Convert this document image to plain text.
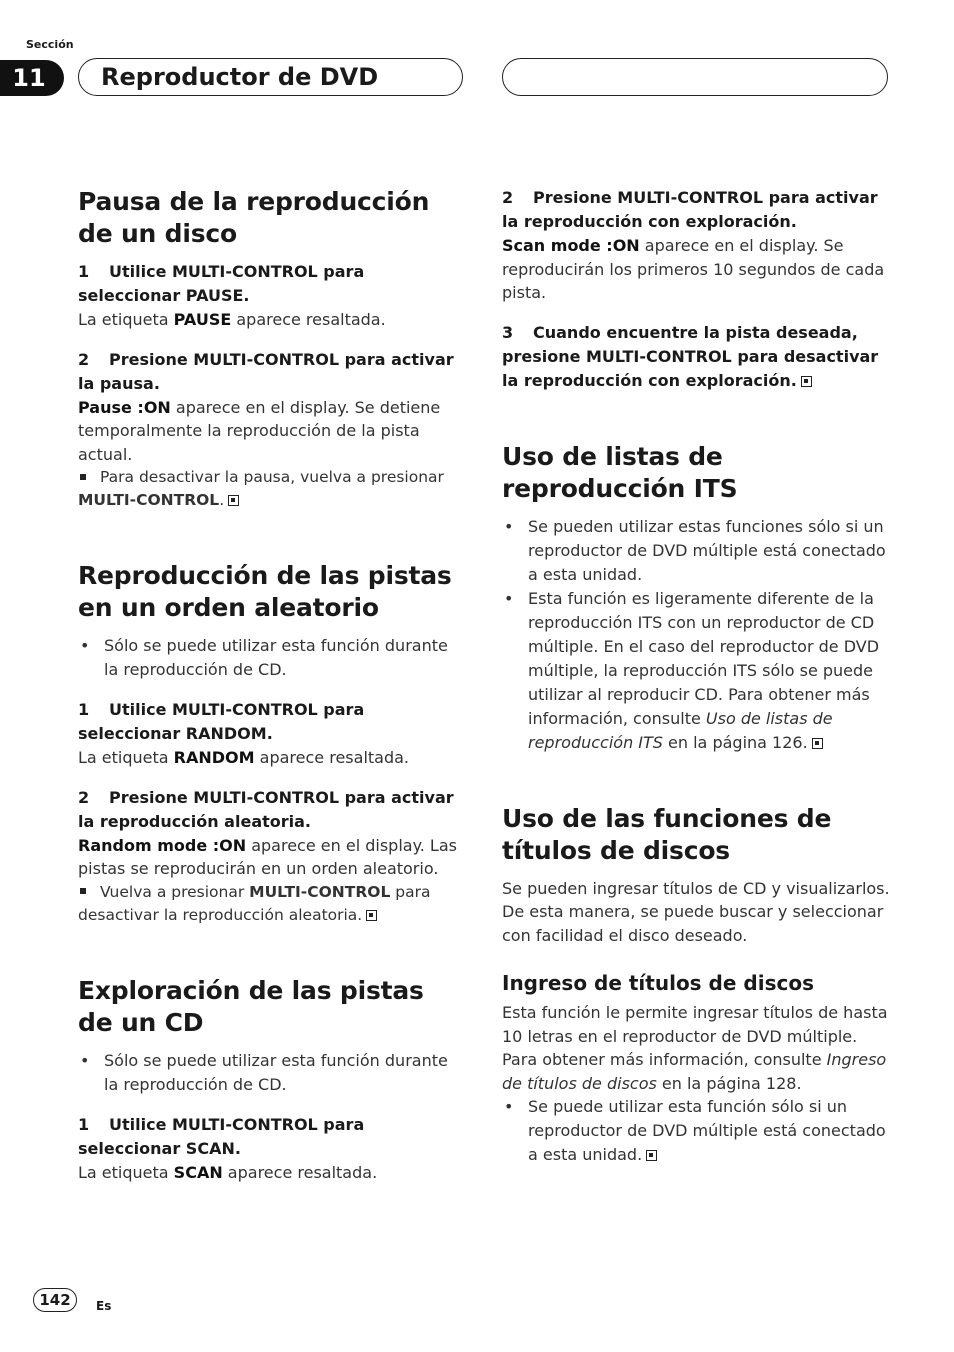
Sección
11	Reproductor de DVD
Pausa de la reproducción de un disco
1 Utilice MULTI-CONTROL para seleccionar PAUSE.

La etiqueta PAUSE aparece resaltada.

2 Presione MULTI-CONTROL para activar la pausa.

Pause :ON aparece en el display. Se detiene temporalmente la reproducción de la pista actual.

Para desactivar la pausa, vuelva a presionar MULTI-CONTROL.
Reproducción de las pistas en un orden aleatorio
• Sólo se puede utilizar esta función durante la reproducción de CD.
1 Utilice MULTI-CONTROL para seleccionar RANDOM.

La etiqueta RANDOM aparece resaltada.

2 Presione MULTI-CONTROL para activar la reproducción aleatoria.

Random mode :ON aparece en el display. Las pistas se reproducirán en un orden aleatorio.

Vuelva a presionar MULTI-CONTROL para desactivar la reproducción aleatoria.
Exploración de las pistas de un CD
• Sólo se puede utilizar esta función durante la reproducción de CD.
1 Utilice MULTI-CONTROL para seleccionar SCAN.

La etiqueta SCAN aparece resaltada.

2 Presione MULTI-CONTROL para activar la reproducción con exploración.

Scan mode :ON aparece en el display. Se reproducirán los primeros 10 segundos de cada pista.

3 Cuando encuentre la pista deseada, presione MULTI-CONTROL para desactivar la reproducción con exploración.
Uso de listas de reproducción ITS
• Se pueden utilizar estas funciones sólo si un reproductor de DVD múltiple está conectado a esta unidad.
• Esta función es ligeramente diferente de la reproducción ITS con un reproductor de CD múltiple. En el caso del reproductor de DVD múltiple, la reproducción ITS sólo se puede utilizar al reproducir CD. Para obtener más información, consulte Uso de listas de reproducción ITS en la página 126.
Uso de las funciones de títulos de discos

Se pueden ingresar títulos de CD y visualizarlos. De esta manera, se puede buscar y seleccionar con facilidad el disco deseado.

Ingreso de títulos de discos

Esta función le permite ingresar títulos de hasta 10 letras en el reproductor de DVD múltiple. Para obtener más información, consulte Ingreso de títulos de discos en la página 128.

• Se puede utilizar esta función sólo si un reproductor de DVD múltiple está conectado a esta unidad.
142	Es
